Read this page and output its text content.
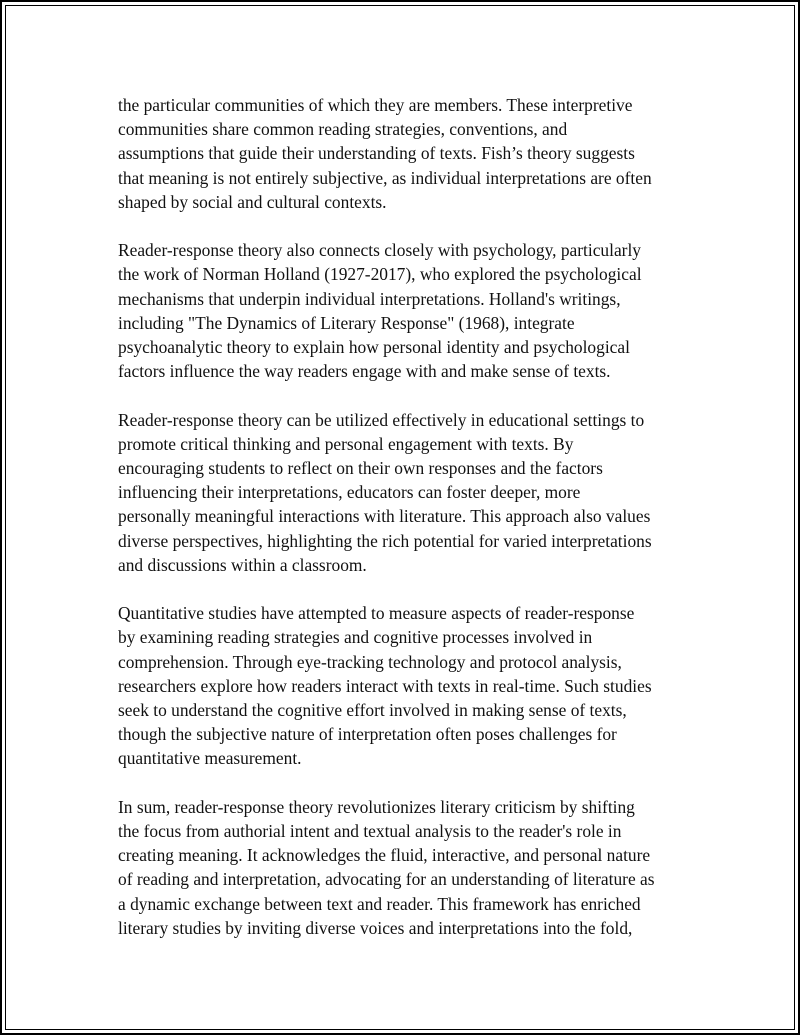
the particular communities of which they are members. These interpretive
communities share common reading strategies, conventions, and
assumptions that guide their understanding of texts. Fish’s theory suggests
that meaning is not entirely subjective, as individual interpretations are often
shaped by social and cultural contexts.

Reader-response theory also connects closely with psychology, particularly
the work of Norman Holland (1927-2017), who explored the psychological
mechanisms that underpin individual interpretations. Holland's writings,
including "The Dynamics of Literary Response" (1968), integrate
psychoanalytic theory to explain how personal identity and psychological
factors influence the way readers engage with and make sense of texts.

Reader-response theory can be utilized effectively in educational settings to
promote critical thinking and personal engagement with texts. By
encouraging students to reflect on their own responses and the factors
influencing their interpretations, educators can foster deeper, more
personally meaningful interactions with literature. This approach also values
diverse perspectives, highlighting the rich potential for varied interpretations
and discussions within a classroom.

Quantitative studies have attempted to measure aspects of reader-response
by examining reading strategies and cognitive processes involved in
comprehension. Through eye-tracking technology and protocol analysis,
researchers explore how readers interact with texts in real-time. Such studies
seek to understand the cognitive effort involved in making sense of texts,
though the subjective nature of interpretation often poses challenges for
quantitative measurement.

In sum, reader-response theory revolutionizes literary criticism by shifting
the focus from authorial intent and textual analysis to the reader's role in
creating meaning. It acknowledges the fluid, interactive, and personal nature
of reading and interpretation, advocating for an understanding of literature as
a dynamic exchange between text and reader. This framework has enriched
literary studies by inviting diverse voices and interpretations into the fold,
